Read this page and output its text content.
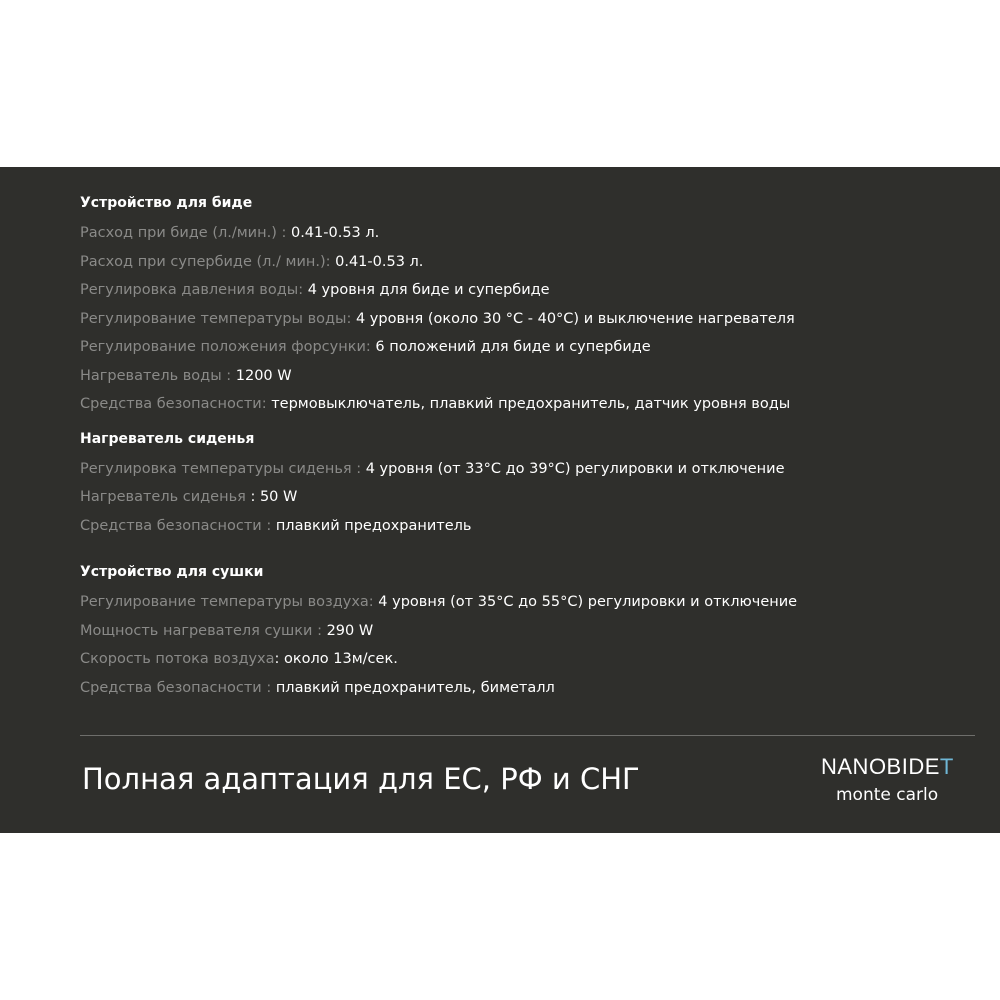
Устройство для биде
Расход при биде (л./мин.) : 0.41-0.53 л.
Расход при супербиде (л./ мин.): 0.41-0.53 л.
Регулировка давления воды: 4 уровня для биде и супербиде
Регулирование температуры воды: 4 уровня (около 30 °C - 40°C) и выключение нагревателя
Регулирование положения форсунки: 6 положений для биде и супербиде
Нагреватель воды : 1200 W
Средства безопасности: термовыключатель, плавкий предохранитель, датчик уровня воды
Нагреватель сиденья
Регулировка температуры сиденья : 4 уровня (от 33°C до 39°C) регулировки и отключение
Нагреватель сиденья : 50 W
Средства безопасности : плавкий предохранитель
Устройство для сушки
Регулирование температуры воздуха: 4 уровня (от 35°C до 55°C) регулировки и отключение
Мощность нагревателя сушки : 290 W
Скорость потока воздуха: около 13м/сек.
Средства безопасности : плавкий предохранитель, биметалл
Полная адаптация для ЕС, РФ и СНГ	NANOBIDET
monte carlo
